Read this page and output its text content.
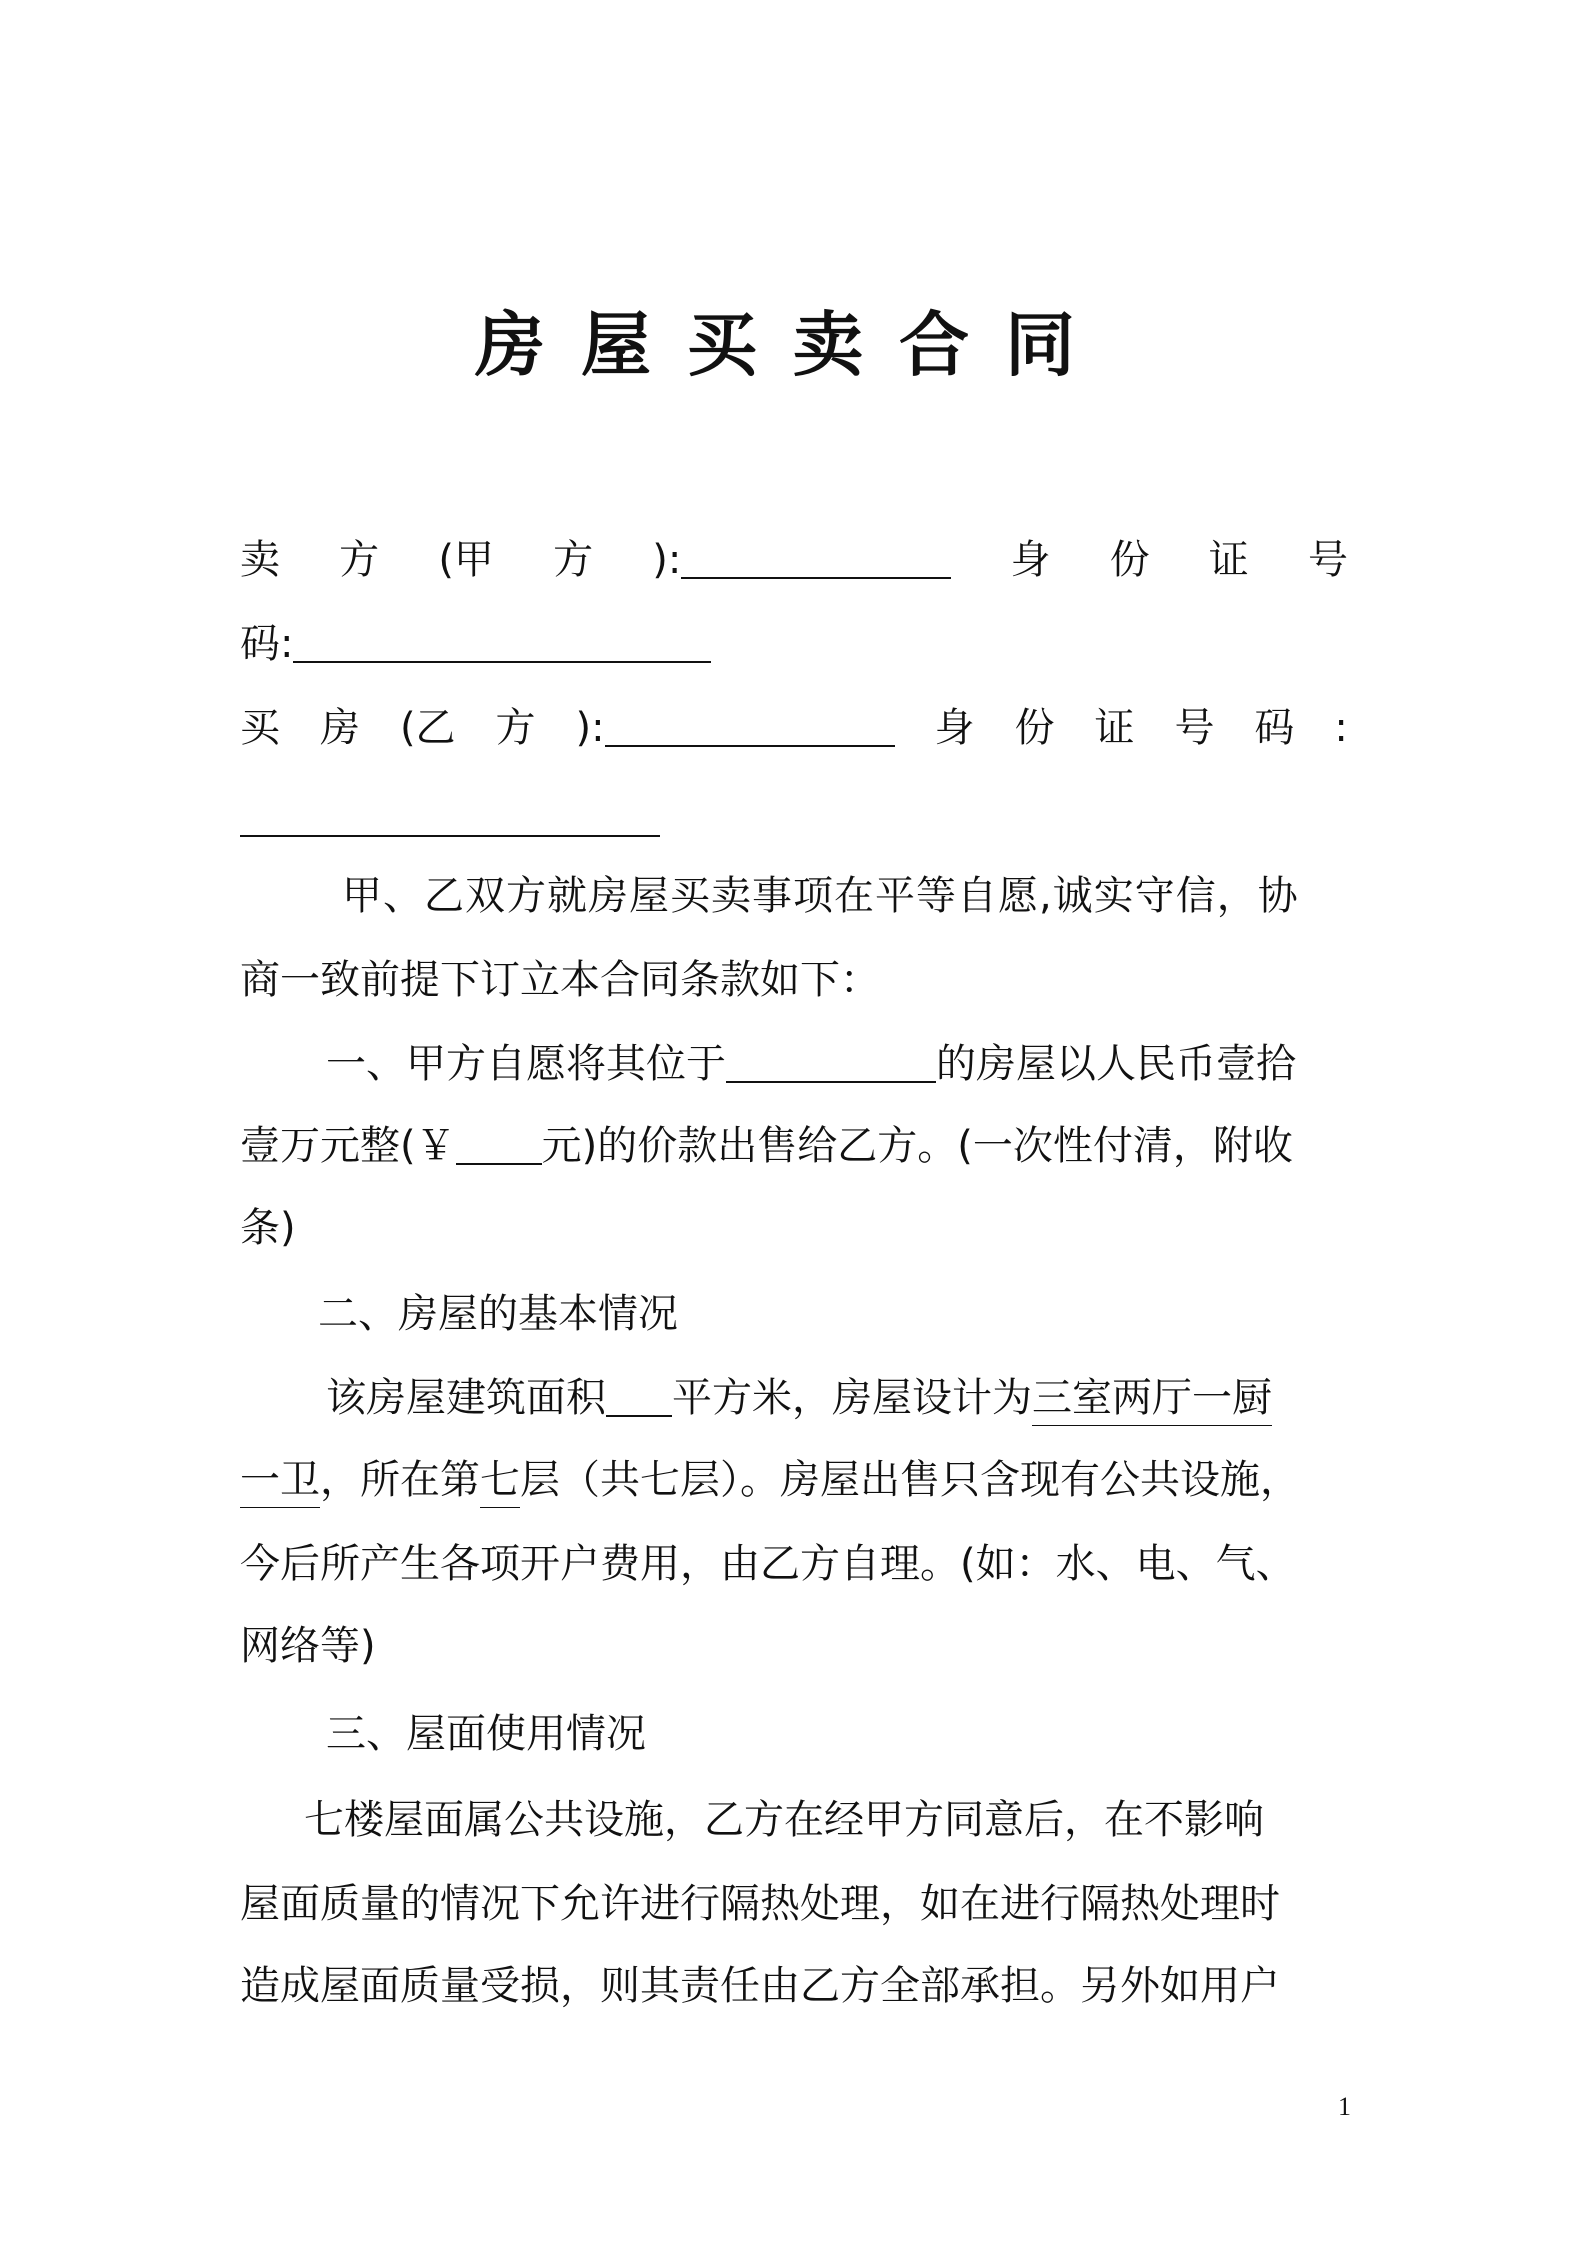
房屋买卖合同
卖 方 (甲 方 ):	身 份 证 号
码:
买 房 (乙 方 ):	身 份 证 号 码 :
甲、乙双方就房屋买卖事项在平等自愿,诚实守信，协
商一致前提下订立本合同条款如下：
一、甲方自愿将其位于	的房屋以人民币壹拾
壹万元整(￥ 元)的价款出售给乙方。(一次性付清，附收
条)
二、房屋的基本情况
该房屋建筑面积 平方米，房屋设计为三室两厅一厨
一卫，所在第七层（共七层）。房屋出售只含现有公共设施，
今后所产生各项开户费用，由乙方自理。(如：水、电、气、
网络等)
三、屋面使用情况
七楼屋面属公共设施，乙方在经甲方同意后，在不影响
屋面质量的情况下允许进行隔热处理，如在进行隔热处理时
造成屋面质量受损，则其责任由乙方全部承担。另外如用户
1
